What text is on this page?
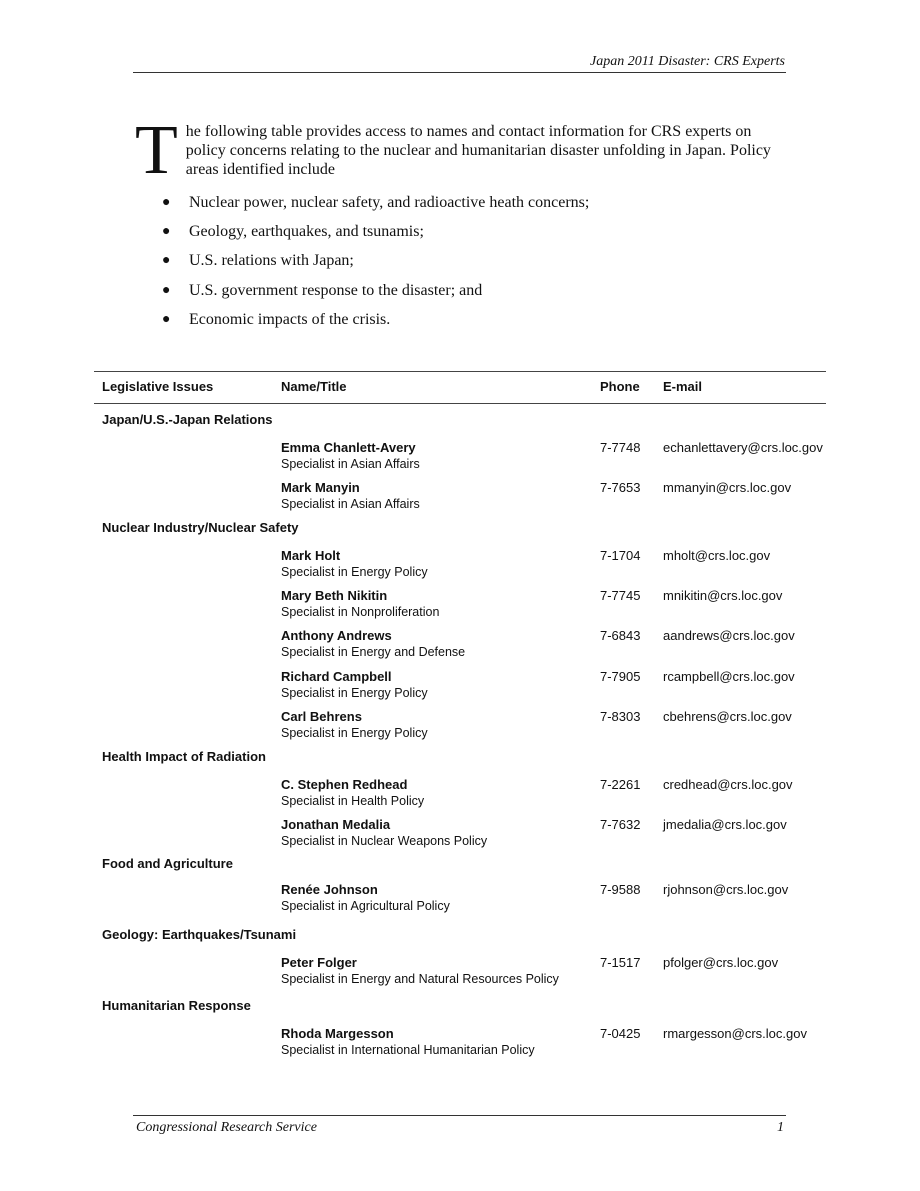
Japan 2011 Disaster: CRS Experts
T he following table provides access to names and contact information for CRS experts on policy concerns relating to the nuclear and humanitarian disaster unfolding in Japan. Policy areas identified include

● Nuclear power, nuclear safety, and radioactive heath concerns;
● Geology, earthquakes, and tsunamis;
● U.S. relations with Japan;
● U.S. government response to the disaster; and
● Economic impacts of the crisis.
Legislative Issues	Name/Title	Phone E-mail
Japan/U.S.-Japan Relations
Emma Chanlett-Avery
Specialist in Asian Affairs
7-7748 echanlettavery@crs.loc.gov
Mark Manyin
Specialist in Asian Affairs
7-7653 mmanyin@crs.loc.gov
Nuclear Industry/Nuclear Safety
Mark Holt
Specialist in Energy Policy
7-1704 mholt@crs.loc.gov
Mary Beth Nikitin
Specialist in Nonproliferation
7-7745 mnikitin@crs.loc.gov
Anthony Andrews
Specialist in Energy and Defense
7-6843 aandrews@crs.loc.gov
Richard Campbell
Specialist in Energy Policy
7-7905 rcampbell@crs.loc.gov
Carl Behrens
Specialist in Energy Policy
7-8303 cbehrens@crs.loc.gov
Health Impact of Radiation
C. Stephen Redhead
Specialist in Health Policy
7-2261 credhead@crs.loc.gov
Jonathan Medalia
Specialist in Nuclear Weapons Policy
7-7632 jmedalia@crs.loc.gov
Food and Agriculture
Renée Johnson
Specialist in Agricultural Policy
7-9588 rjohnson@crs.loc.gov
Geology: Earthquakes/Tsunami
Peter Folger
Specialist in Energy and Natural Resources Policy
7-1517 pfolger@crs.loc.gov
Humanitarian Response
Rhoda Margesson
Specialist in International Humanitarian Policy
7-0425 rmargesson@crs.loc.gov
Congressional Research Service	1
